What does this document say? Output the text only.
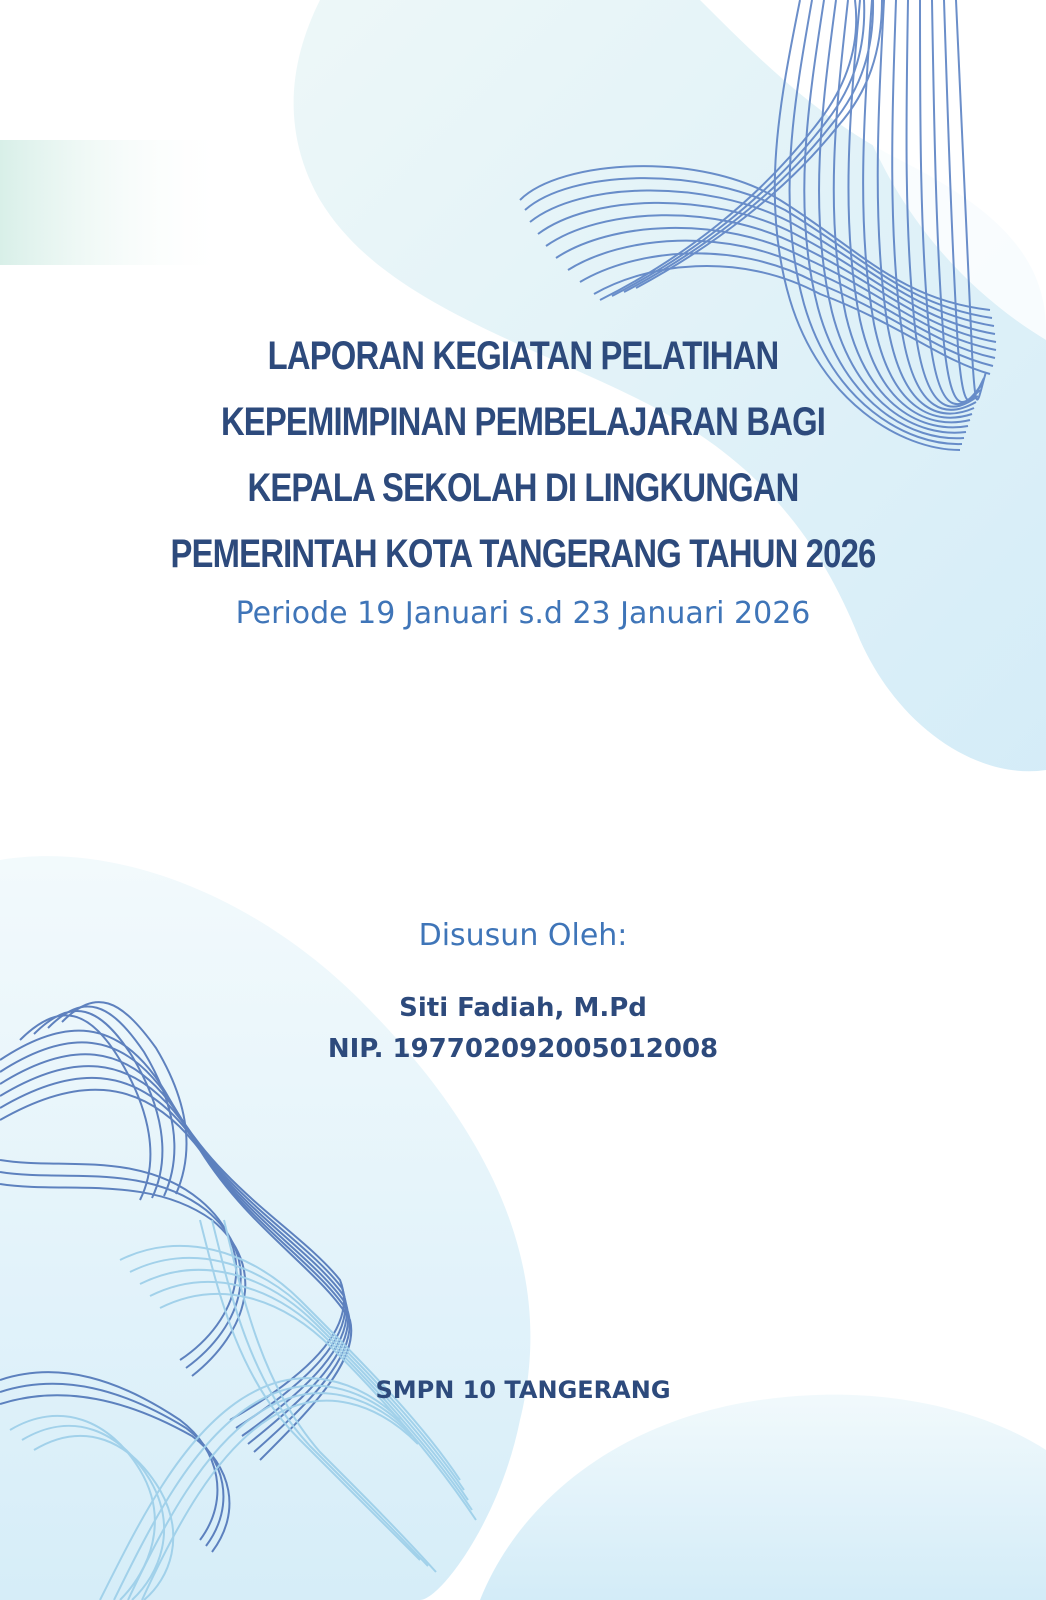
LAPORAN KEGIATAN PELATIHAN
KEPEMIMPINAN PEMBELAJARAN BAGI
KEPALA SEKOLAH DI LINGKUNGAN
PEMERINTAH KOTA TANGERANG TAHUN 2026
Periode 19 Januari s.d 23 Januari 2026
Disusun Oleh:
Siti Fadiah, M.Pd
NIP. 197702092005012008
SMPN 10 TANGERANG
